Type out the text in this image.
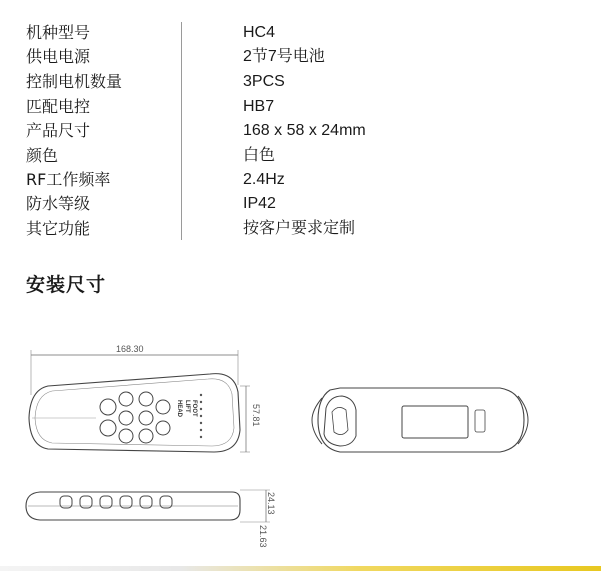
机种型号	HC4
供电电源	2节7号电池
控制电机数量	3PCS
匹配电控	HB7
产品尺寸	168 x 58 x 24mm
颜色	白色
RF工作频率	2.4Hz
防水等级	IP42
其它功能	按客户要求定制
安装尺寸
168.30
57.81
HEAD LIFT FOOT
24.13
21.63
